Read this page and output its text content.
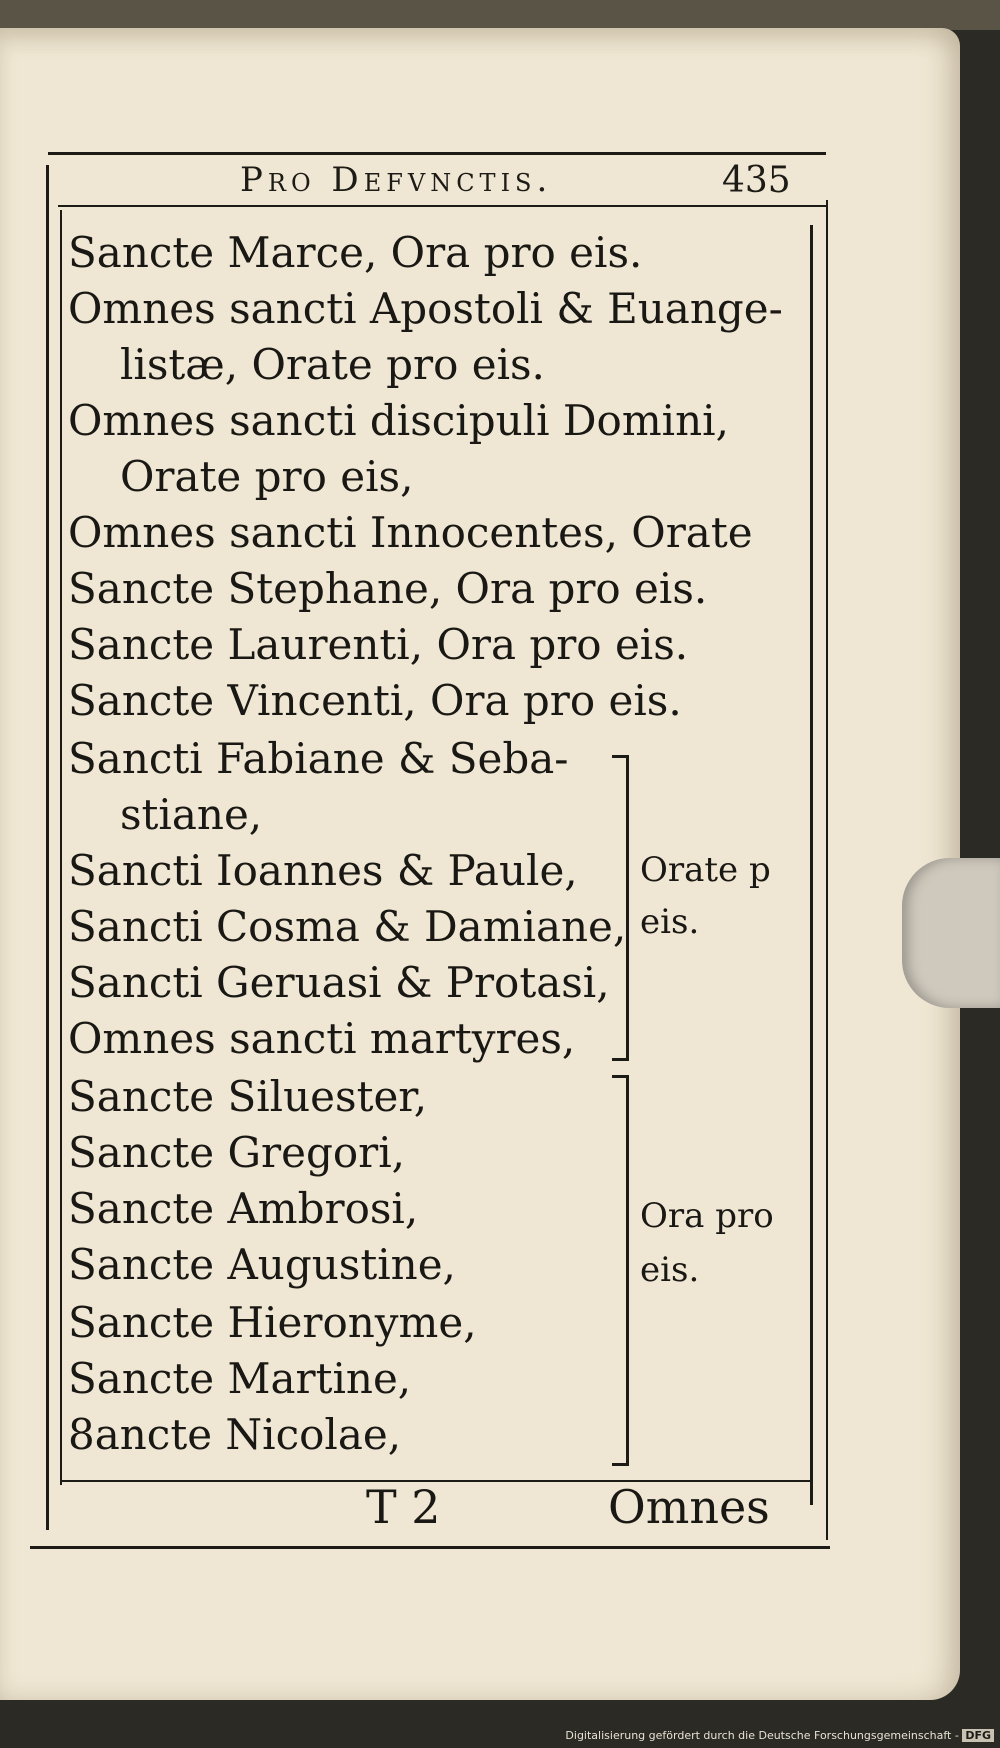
Pro Defvnctis.	435
Sancte Marce, Ora pro eis.
Omnes sancti Apostoli & Euange-
listæ, Orate pro eis.
Omnes sancti discipuli Domini,
Orate pro eis,
Omnes sancti Innocentes, Orate
Sancte Stephane, Ora pro eis.
Sancte Laurenti, Ora pro eis.
Sancte Vincenti, Ora pro eis.
Sancti Fabiane & Seba-
stiane,
Sancti Ioannes & Paule,
Sancti Cosma & Damiane,
Sancti Geruasi & Protasi,
Omnes sancti martyres,
Sancte Siluester,
Sancte Gregori,
Sancte Ambrosi,
Sancte Augustine,
Sancte Hieronyme,
Sancte Martine,
8ancte Nicolae,
Orate p
eis.
Ora pro
eis.
T 2	Omnes
Digitalisierung gefördert durch die Deutsche Forschungsgemeinschaft - DFG
